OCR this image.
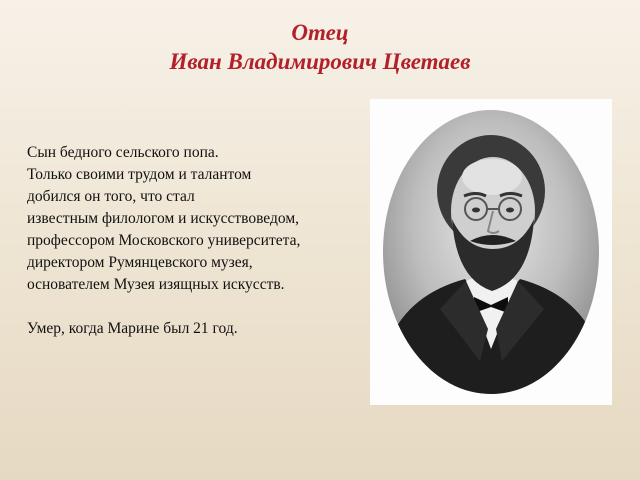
Отец
Иван Владимирович Цветаев
Сын бедного сельского попа.
Только своими трудом и талантом
добился он того, что стал
известным филологом и искусствоведом,
профессором Московского университета,
директором Румянцевского музея,
основателем Музея изящных искусств.
Умер, когда Марине был 21 год.
